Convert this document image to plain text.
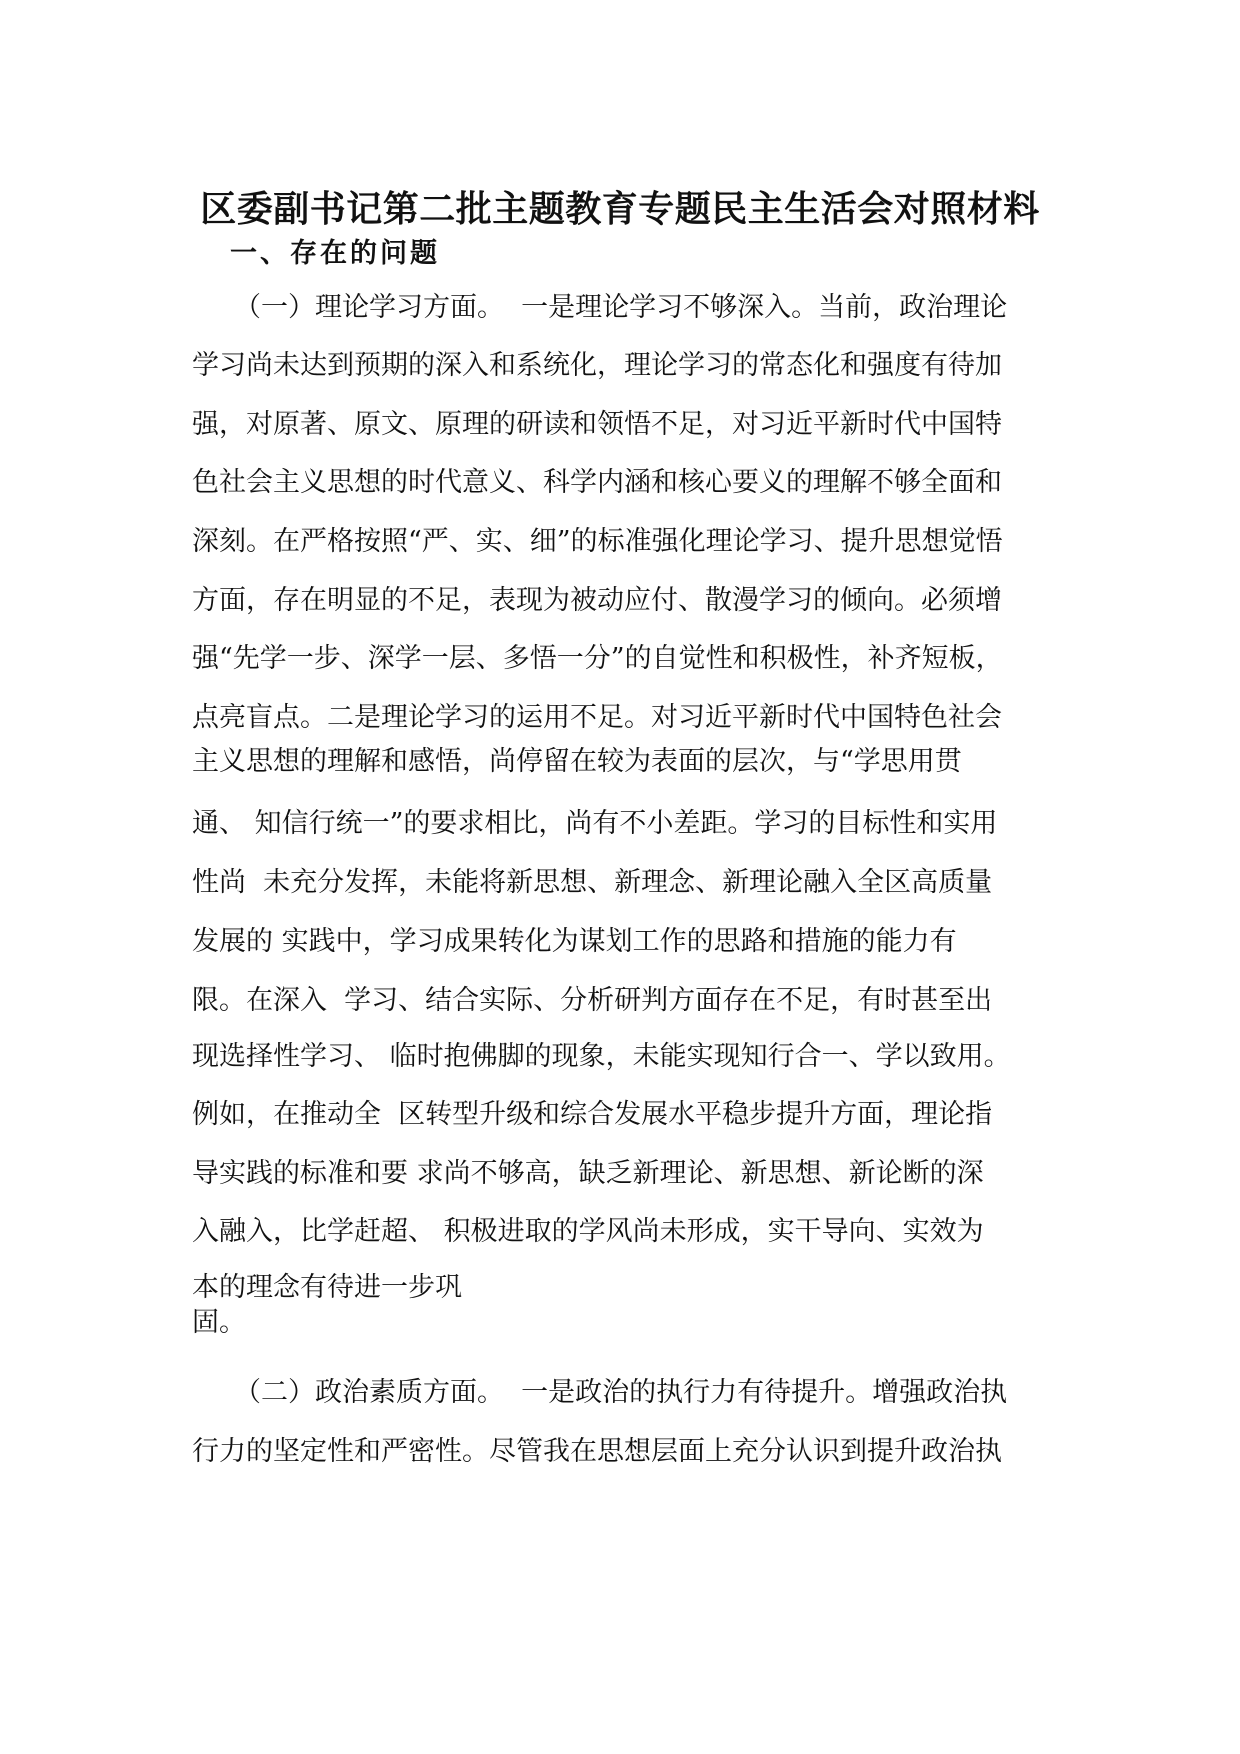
区委副书记第二批主题教育专题民主生活会对照材料
一、存在的问题
（一）理论学习方面。  一是理论学习不够深入。当前，政治理论
学习尚未达到预期的深入和系统化，理论学习的常态化和强度有待加
强，对原著、原文、原理的研读和领悟不足，对习近平新时代中国特
色社会主义思想的时代意义、科学内涵和核心要义的理解不够全面和
深刻。在严格按照“严、实、细”的标准强化理论学习、提升思想觉悟
方面，存在明显的不足，表现为被动应付、散漫学习的倾向。必须增
强“先学一步、深学一层、多悟一分”的自觉性和积极性，补齐短板，
点亮盲点。二是理论学习的运用不足。对习近平新时代中国特色社会
主义思想的理解和感悟，尚停留在较为表面的层次，与“学思用贯
通、 知信行统一”的要求相比，尚有不小差距。学习的目标性和实用
性尚  未充分发挥，未能将新思想、新理念、新理论融入全区高质量
发展的 实践中，学习成果转化为谋划工作的思路和措施的能力有
限。在深入  学习、结合实际、分析研判方面存在不足，有时甚至出
现选择性学习、 临时抱佛脚的现象，未能实现知行合一、学以致用。
例如，在推动全  区转型升级和综合发展水平稳步提升方面，理论指
导实践的标准和要 求尚不够高，缺乏新理论、新思想、新论断的深
入融入，比学赶超、 积极进取的学风尚未形成，实干导向、实效为
本的理念有待进一步巩
固。
（二）政治素质方面。  一是政治的执行力有待提升。增强政治执
行力的坚定性和严密性。尽管我在思想层面上充分认识到提升政治执
